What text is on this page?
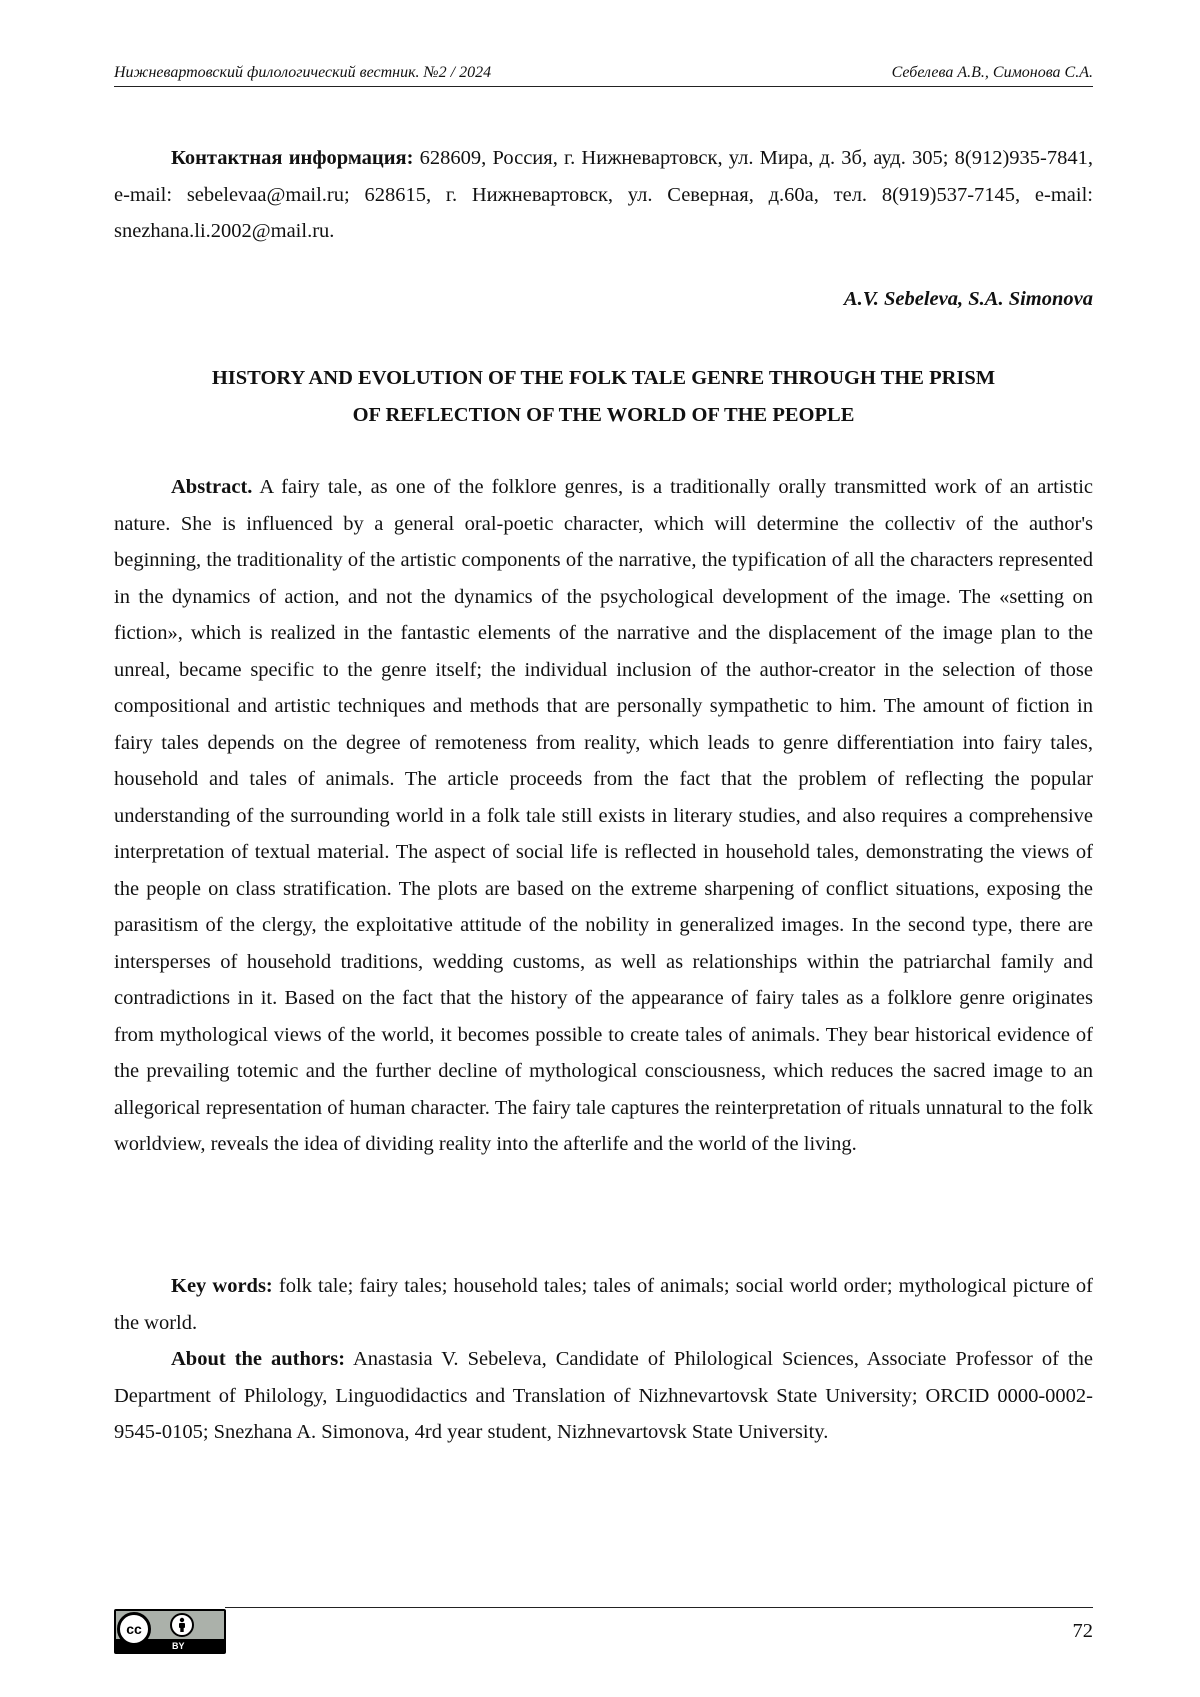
Нижневартовский филологический вестник. №2 / 2024	Себелева А.В., Симонова С.А.

Контактная информация: 628609, Россия, г. Нижневартовск, ул. Мира, д. 3б, ауд. 305; 8(912)935-7841, e-mail: sebelevaa@mail.ru; 628615, г. Нижневартовск, ул. Северная, д.60а, тел. 8(919)537-7145, e-mail: snezhana.li.2002@mail.ru.

A.V. Sebeleva, S.A. Simonova
HISTORY AND EVOLUTION OF THE FOLK TALE GENRE THROUGH THE PRISM
OF REFLECTION OF THE WORLD OF THE PEOPLE

Abstract. A fairy tale, as one of the folklore genres, is a traditionally orally transmitted work of an artistic nature. She is influenced by a general oral-poetic character, which will determine the collectiv of the author's beginning, the traditionality of the artistic components of the narrative, the typification of all the characters represented in the dynamics of action, and not the dynamics of the psychological development of the image. The «setting on fiction», which is realized in the fantastic elements of the narrative and the displacement of the image plan to the unreal, became specific to the genre itself; the individual inclusion of the author-creator in the selection of those compositional and artistic techniques and methods that are personally sympathetic to him. The amount of fiction in fairy tales depends on the degree of remoteness from reality, which leads to genre differentiation into fairy tales, household and tales of animals. The article proceeds from the fact that the problem of reflecting the popular understanding of the surrounding world in a folk tale still exists in literary studies, and also requires a comprehensive interpretation of textual material. The aspect of social life is reflected in household tales, demonstrating the views of the people on class stratification. The plots are based on the extreme sharpening of conflict situations, exposing the parasitism of the clergy, the exploitative attitude of the nobility in generalized images. In the second type, there are intersperses of household traditions, wedding customs, as well as relationships within the patriarchal family and contradictions in it. Based on the fact that the history of the appearance of fairy tales as a folklore genre originates from mythological views of the world, it becomes possible to create tales of animals. They bear historical evidence of the prevailing totemic and the further decline of mythological consciousness, which reduces the sacred image to an allegorical representation of human character. The fairy tale captures the reinterpretation of rituals unnatural to the folk worldview, reveals the idea of dividing reality into the afterlife and the world of the living.

Key words: folk tale; fairy tales; household tales; tales of animals; social world order; mythological picture of the world.

About the authors: Anastasia V. Sebeleva, Candidate of Philological Sciences, Associate Professor of the Department of Philology, Linguodidactics and Translation of Nizhnevartovsk State University; ORCID 0000-0002-9545-0105; Snezhana A. Simonova, 4rd year student, Nizhnevartovsk State University.

cc
BY
72
